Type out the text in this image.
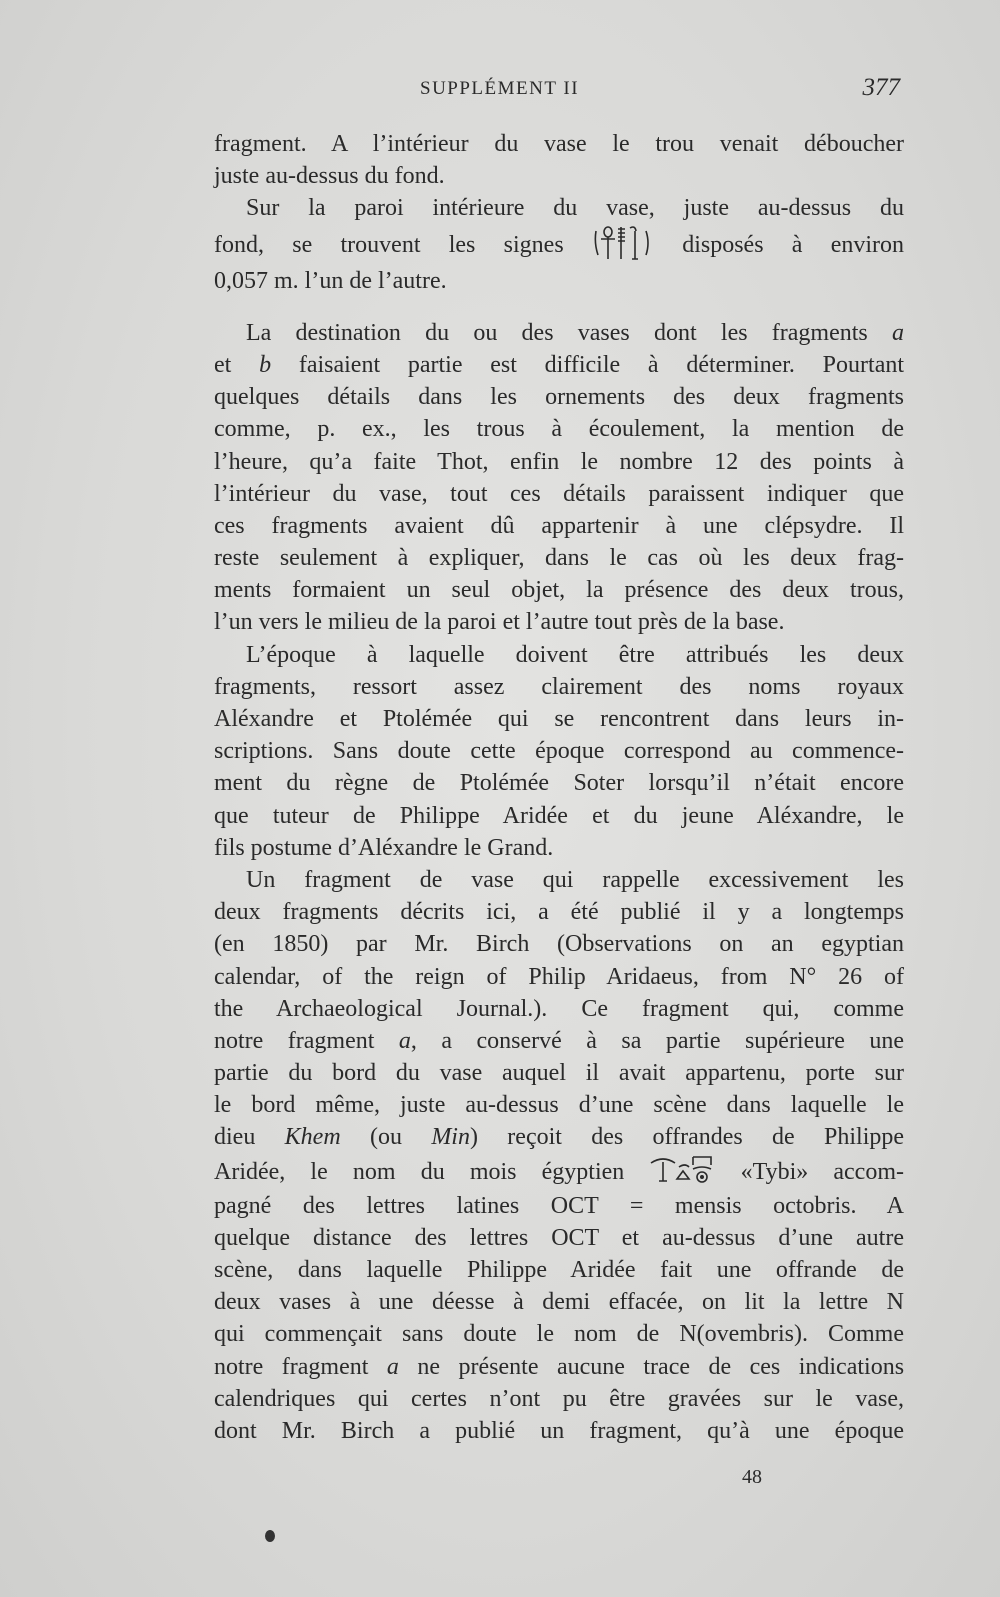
SUPPLÉMENT II	377
fragment. A l’intérieur du vase le trou venait déboucher
juste au-dessus du fond.
Sur la paroi intérieure du vase, juste au-dessus du
fond, se trouvent les signes	disposés à environ
0,057 m. l’un de l’autre.
La destination du ou des vases dont les fragments a
et b faisaient partie est difficile à déterminer. Pourtant
quelques détails dans les ornements des deux fragments
comme, p. ex., les trous à écoulement, la mention de
l’heure, qu’a faite Thot, enfin le nombre 12 des points à
l’intérieur du vase, tout ces détails paraissent indiquer que
ces fragments avaient dû appartenir à une clépsydre. Il
reste seulement à expliquer, dans le cas où les deux frag-
ments formaient un seul objet, la présence des deux trous,
l’un vers le milieu de la paroi et l’autre tout près de la base.
L’époque à laquelle doivent être attribués les deux
fragments, ressort assez clairement des noms royaux
Aléxandre et Ptolémée qui se rencontrent dans leurs in-
scriptions. Sans doute cette époque correspond au commence-
ment du règne de Ptolémée Soter lorsqu’il n’était encore
que tuteur de Philippe Aridée et du jeune Aléxandre, le
fils postume d’Aléxandre le Grand.
Un fragment de vase qui rappelle excessivement les
deux fragments décrits ici, a été publié il y a longtemps
(en 1850) par Mr. Birch (Observations on an egyptian
calendar, of the reign of Philip Aridaeus, from N° 26 of
the Archaeological Journal.). Ce fragment qui, comme
notre fragment a, a conservé à sa partie supérieure une
partie du bord du vase auquel il avait appartenu, porte sur
le bord même, juste au-dessus d’une scène dans laquelle le
dieu Khem (ou Min) reçoit des offrandes de Philippe
Aridée, le nom du mois égyptien	«Tybi» accom-
pagné des lettres latines OCT = mensis octobris. A
quelque distance des lettres OCT et au-dessus d’une autre
scène, dans laquelle Philippe Aridée fait une offrande de
deux vases à une déesse à demi effacée, on lit la lettre N
qui commençait sans doute le nom de N(ovembris). Comme
notre fragment a ne présente aucune trace de ces indications
calendriques qui certes n’ont pu être gravées sur le vase,
dont Mr. Birch a publié un fragment, qu’à une époque
48
